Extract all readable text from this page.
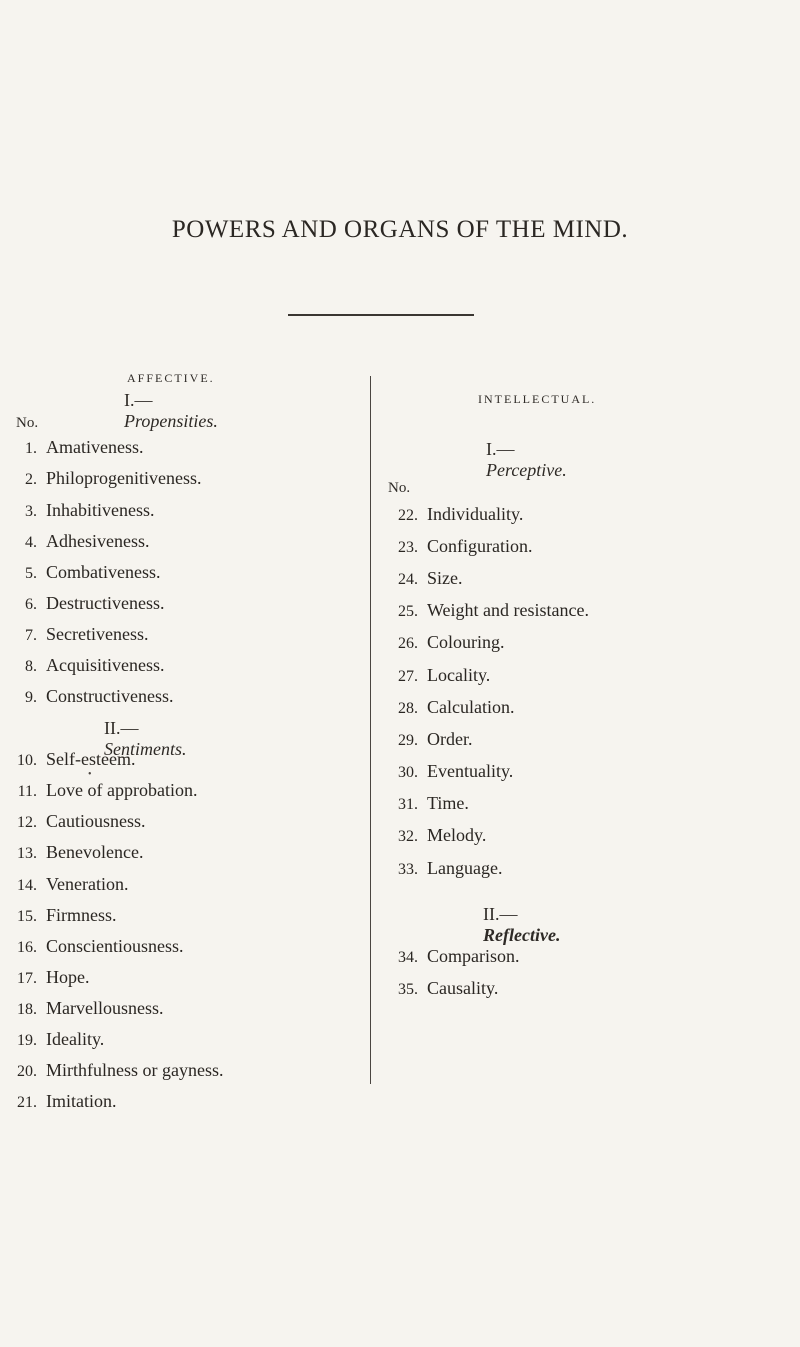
POWERS AND ORGANS OF THE MIND.
AFFECTIVE.
I.—Propensities.
No.
1. Amativeness.
2. Philoprogenitiveness.
3. Inhabitiveness.
4. Adhesiveness.
5. Combativeness.
6. Destructiveness.
7. Secretiveness.
8. Acquisitiveness.
9. Constructiveness.
•
II.—Sentiments.
10. Self-esteem.
11. Love of approbation.
12. Cautiousness.
13. Benevolence.
14. Veneration.
15. Firmness.
16. Conscientiousness.
17. Hope.
18. Marvellousness.
19. Ideality.
20. Mirthfulness or gayness.
21. Imitation.
INTELLECTUAL.
I.—Perceptive.
No.
22. Individuality.
23. Configuration.
24. Size.
25. Weight and resistance.
26. Colouring.
27. Locality.
28. Calculation.
29. Order.
30. Eventuality.
31. Time.
32. Melody.
33. Language.
II.—Reflective.
34. Comparison.
35. Causality.
